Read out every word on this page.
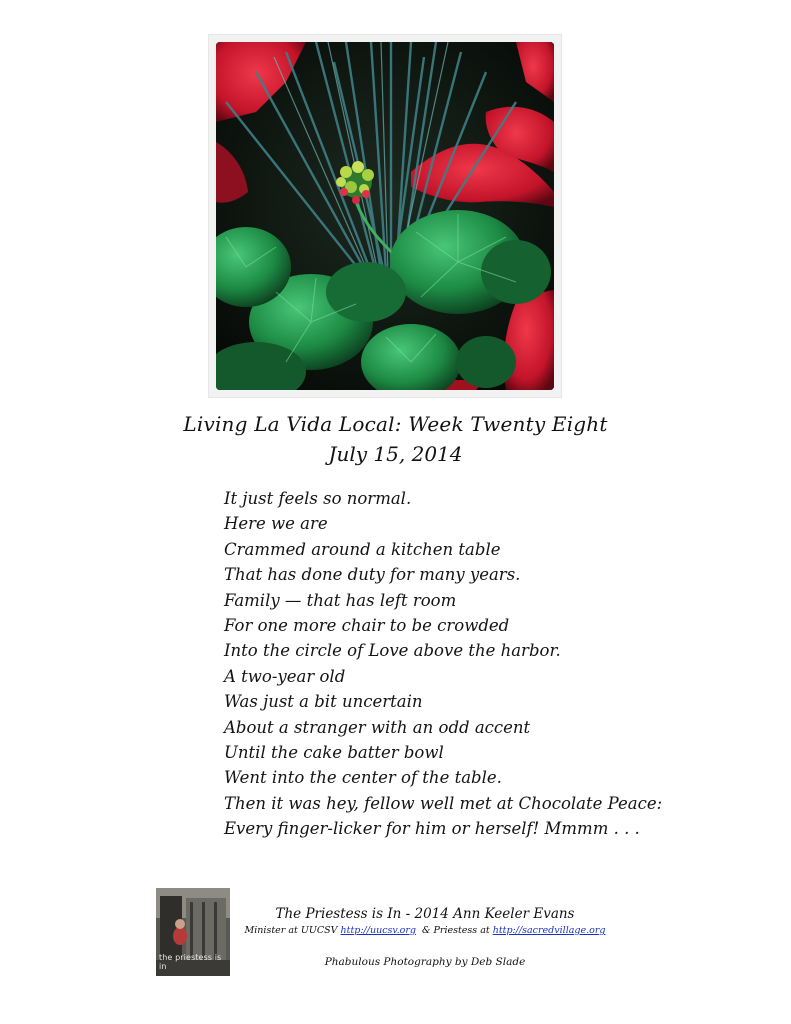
Living La Vida Local: Week Twenty Eight
July 15, 2014
It just feels so normal.
Here we are
Crammed around a kitchen table
That has done duty for many years.
Family — that has left room
For one more chair to be crowded
Into the circle of Love above the harbor.
A two-year old
Was just a bit uncertain
About a stranger with an odd accent
Until the cake batter bowl
Went into the center of the table.
Then it was hey, fellow well met at Chocolate Peace:
Every finger-licker for him or herself! Mmmm . . .
the priestess is in
The Priestess is In - 2014 Ann Keeler Evans
Minister at UUCSV http://uucsv.org  & Priestess at http://sacredvillage.org
Phabulous Photography by Deb Slade
